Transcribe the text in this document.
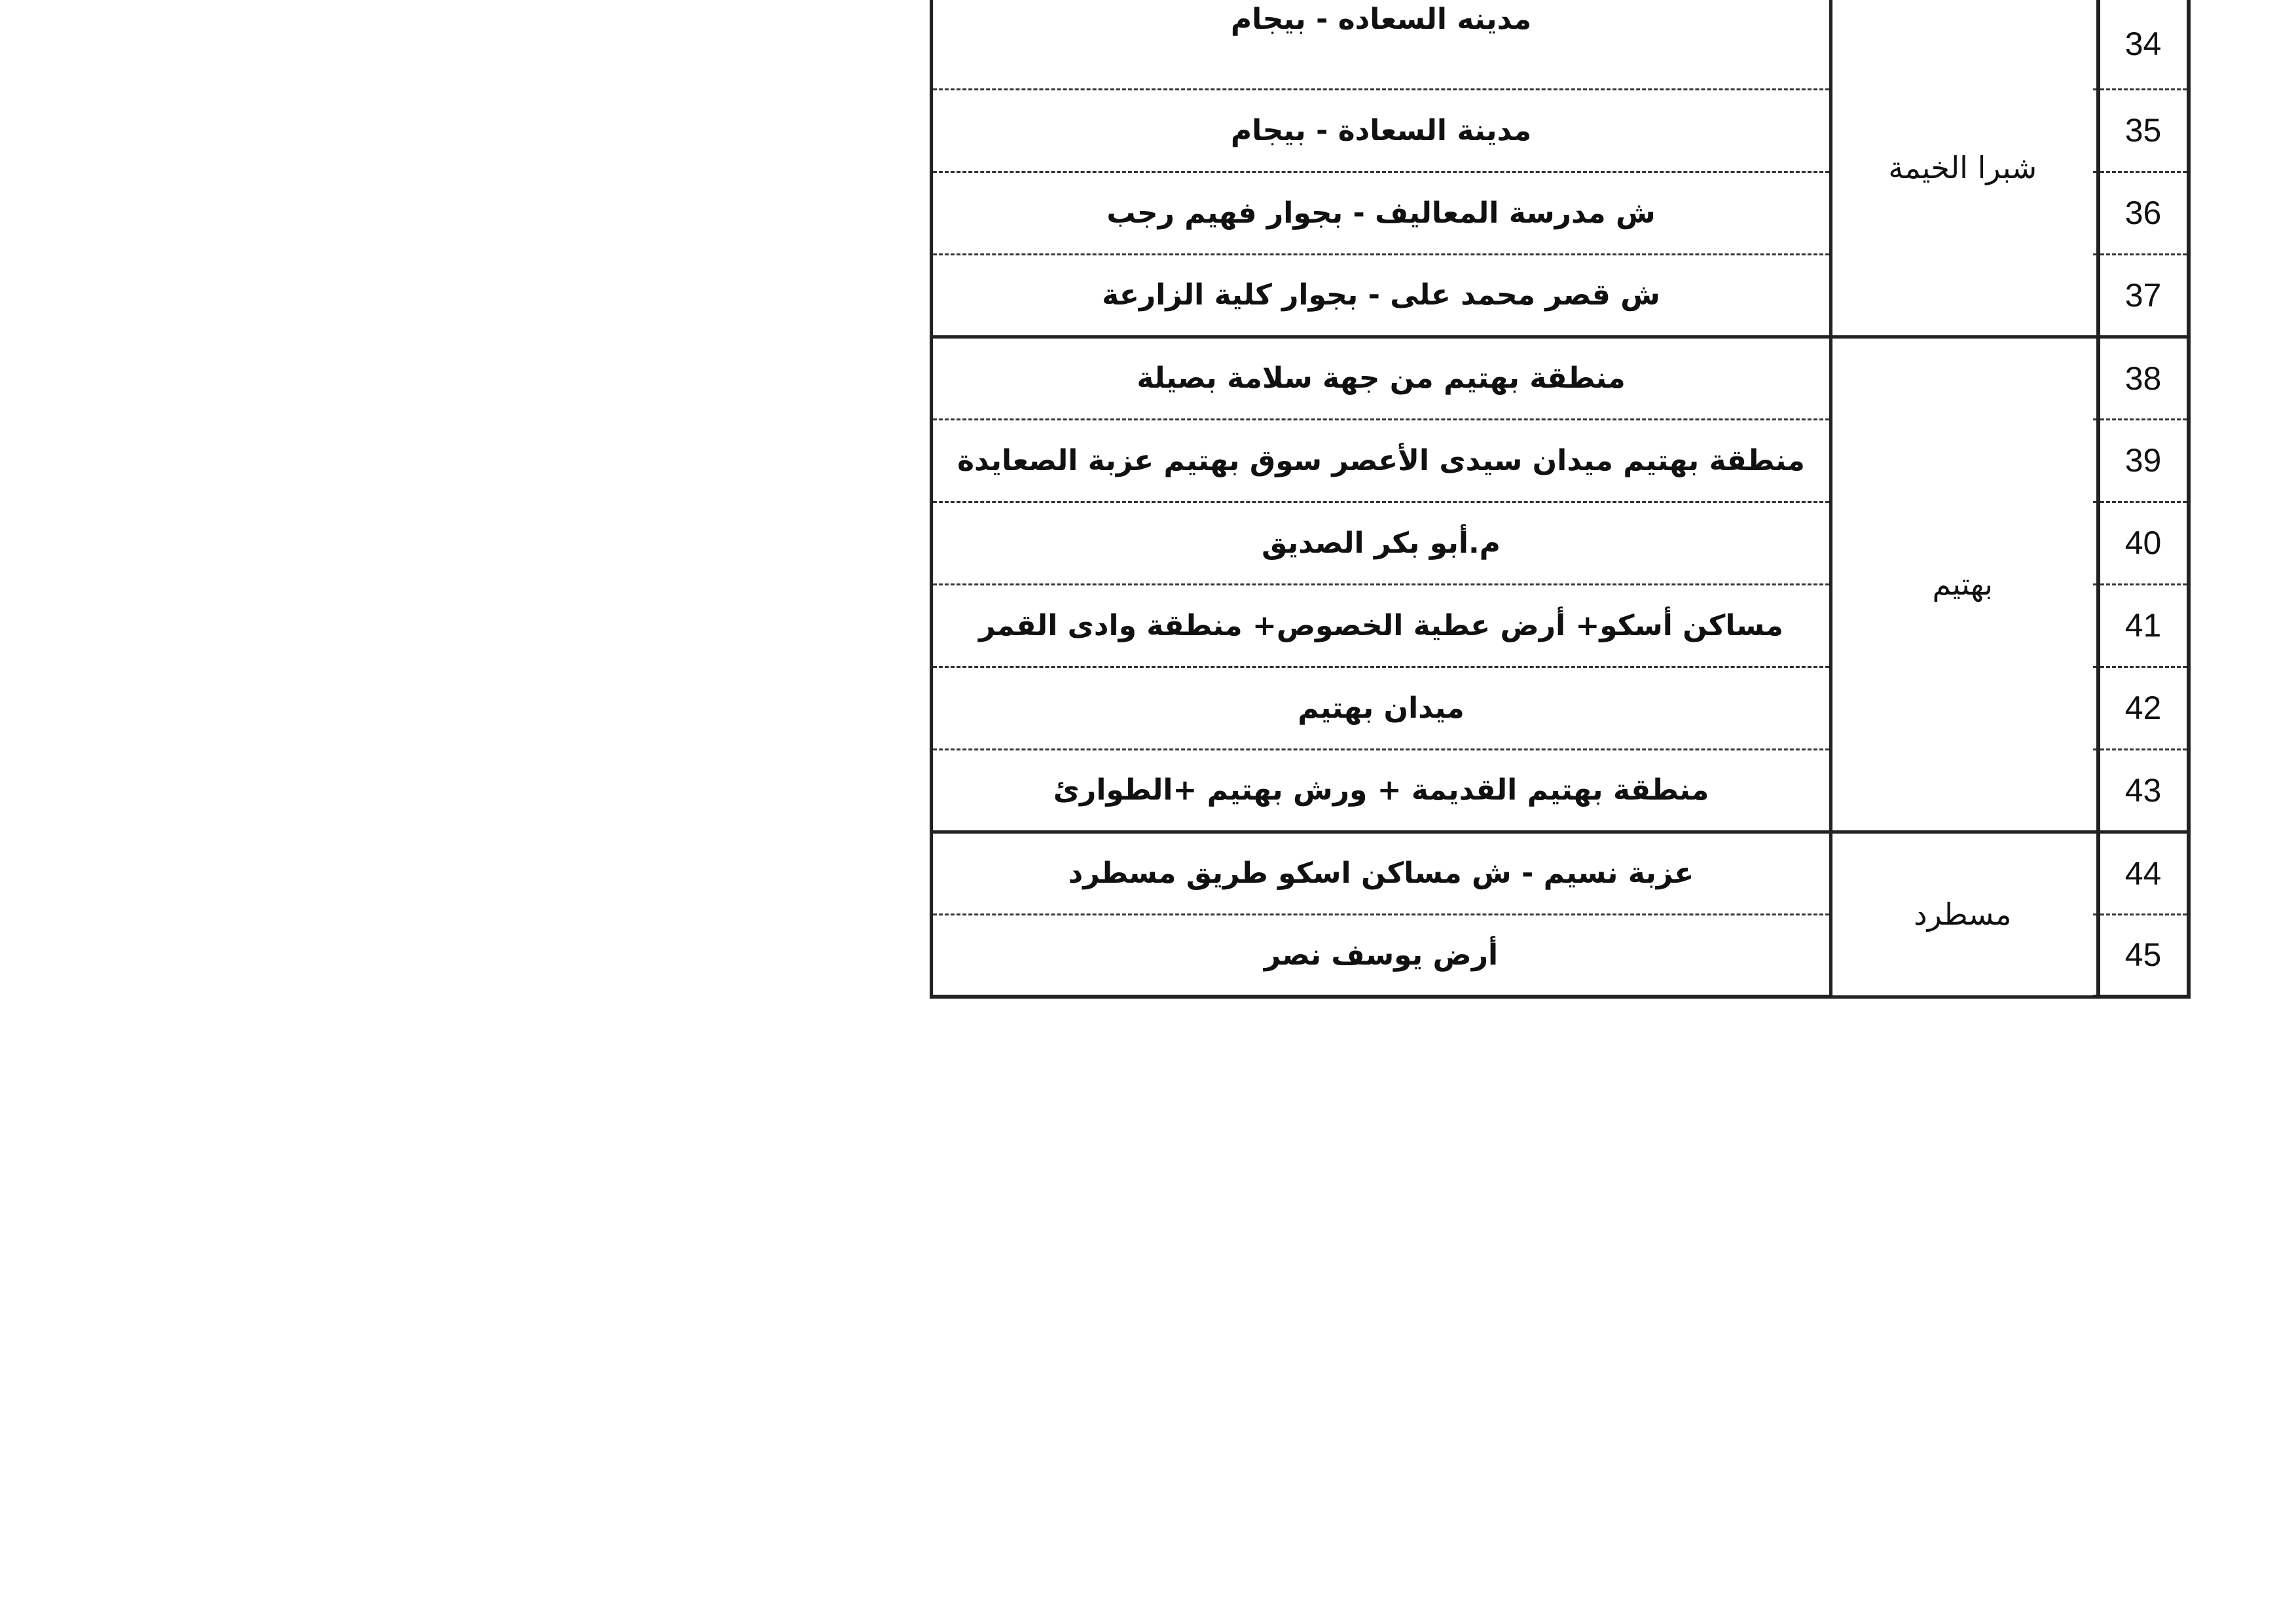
34		شبرا الخيمة	مدينه السعاده - بيجام
35			مدينة السعادة - بيجام
36			ش مدرسة المعاليف - بجوار فهيم رجب
37			ش قصر محمد على - بجوار كلية الزارعة
38		بهتيم	منطقة بهتيم من جهة سلامة بصيلة
39			منطقة بهتيم ميدان سيدى الأعصر سوق بهتيم عزبة الصعايدة
40			م.أبو بكر الصديق
41			مساكن أسكو+ أرض عطية الخصوص+ منطقة وادى القمر
42			ميدان بهتيم
43			منطقة بهتيم القديمة + ورش بهتيم +الطوارئ
44		مسطرد	عزبة نسيم - ش مساكن اسكو طريق مسطرد
45			أرض يوسف نصر
